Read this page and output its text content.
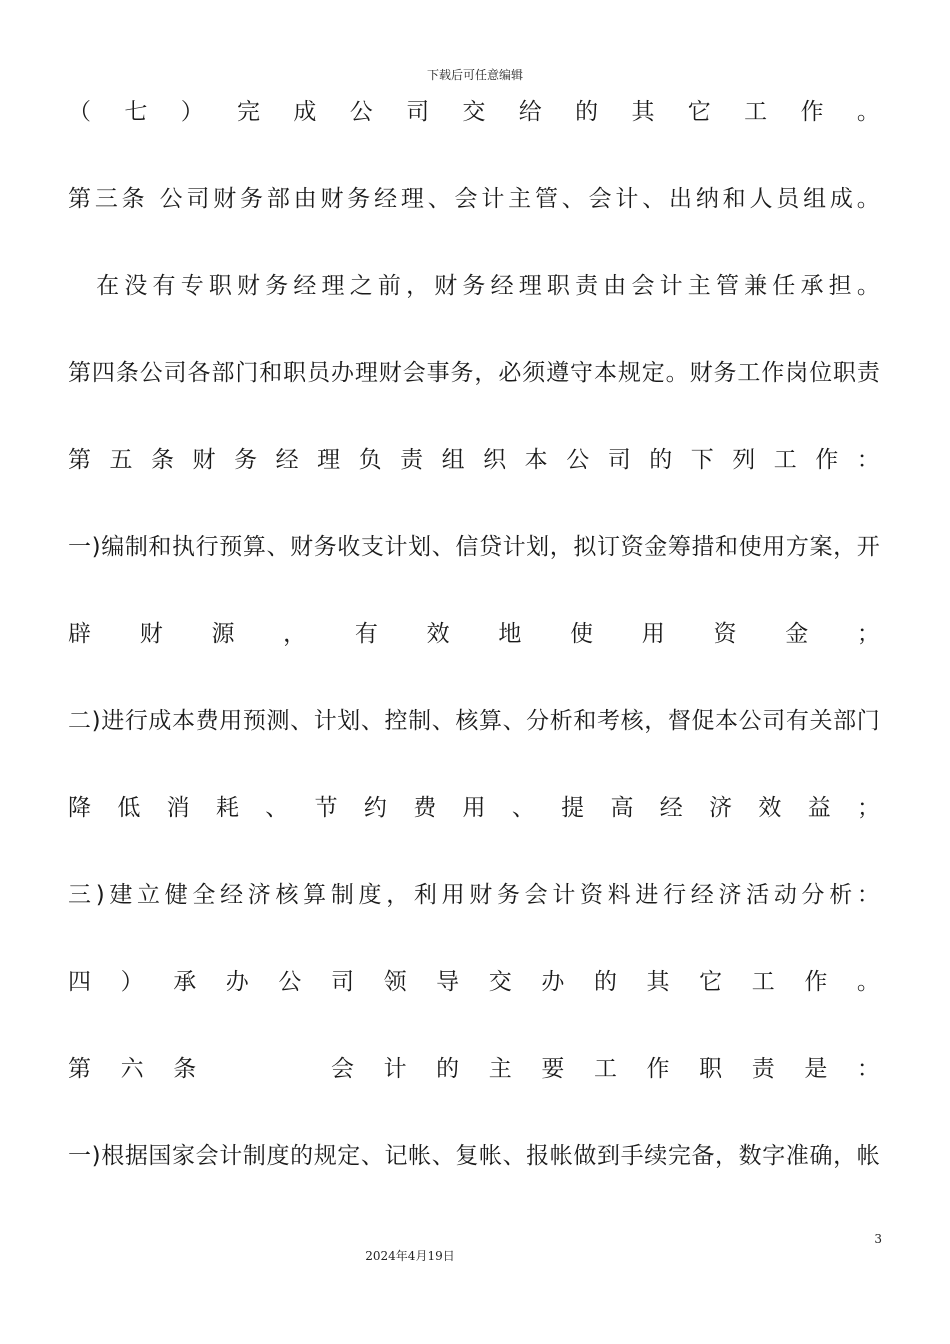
下载后可任意编辑
（ 七 ） 完 成 公 司 交 给 的 其 它 工 作 。
第 三 条
公 司 财 务 部 由 财 务 经 理 、 会 计 主 管 、 会 计 、 出 纳 和 人 员 组 成 。

在 没 有 专 职 财 务 经 理 之 前 ， 财 务 经 理 职 责 由 会 计 主 管 兼 任 承 担 。
第 四 条 公 司 各 部 门 和 职 员 办 理 财 会 事 务 ， 必 须 遵 守 本 规 定 。 财 务 工 作 岗 位 职 责
第 五 条 财 务 经 理 负 责 组 织 本 公 司 的 下 列 工 作 ：
一 ) 编 制 和 执 行 预 算 、 财 务 收 支 计 划 、 信 贷 计 划 ， 拟 订 资 金 筹 措 和 使 用 方 案 ， 开
辟 财 源 ， 有 效 地 使 用 资 金 ；
二 ) 进 行 成 本 费 用 预 测 、 计 划 、 控 制 、 核 算 、 分 析 和 考 核 ， 督 促 本 公 司 有 关 部 门
降 低 消 耗 、 节 约 费 用 、 提 高 经 济 效 益 ；
三 ) 建 立 健 全 经 济 核 算 制 度 ， 利 用 财 务 会 计 资 料 进 行 经 济 活 动 分 析 ：
四 ） 承 办 公 司 领 导 交 办 的 其 它 工 作 。
第 六 条

　	会 计 的 主 要 工 作 职 责 是 ：
一 ) 根 据 国 家 会 计 制 度 的 规 定 、 记 帐 、 复 帐 、 报 帐 做 到 手 续 完 备 ， 数 字 准 确 ， 帐
3
2024年4月19日
